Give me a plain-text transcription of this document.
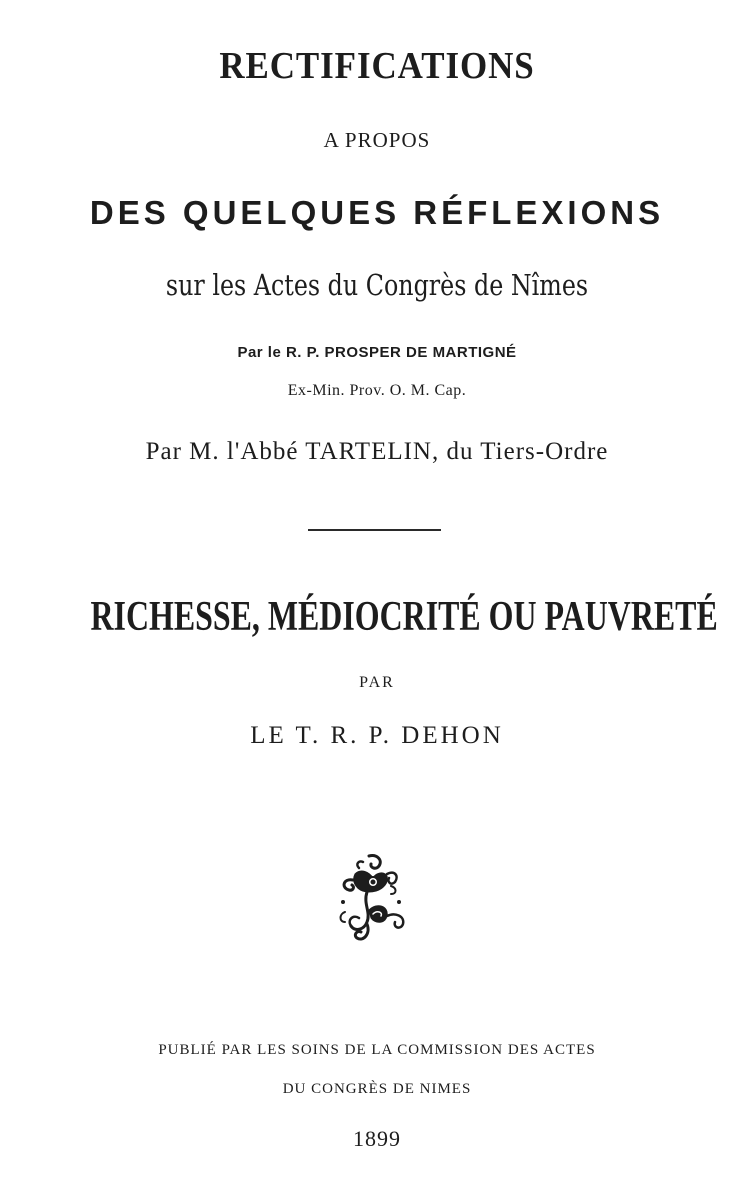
RECTIFICATIONS
A PROPOS
DES QUELQUES RÉFLEXIONS
sur les Actes du Congrès de Nîmes
Par le R. P. PROSPER DE MARTIGNÉ
Ex-Min. Prov. O. M. Cap.
Par M. l'Abbé TARTELIN, du Tiers-Ordre
RICHESSE, MÉDIOCRITÉ OU PAUVRETÉ
PAR
LE T. R. P. DEHON
PUBLIÉ PAR LES SOINS DE LA COMMISSION DES ACTES
DU CONGRÈS DE NIMES
1899
